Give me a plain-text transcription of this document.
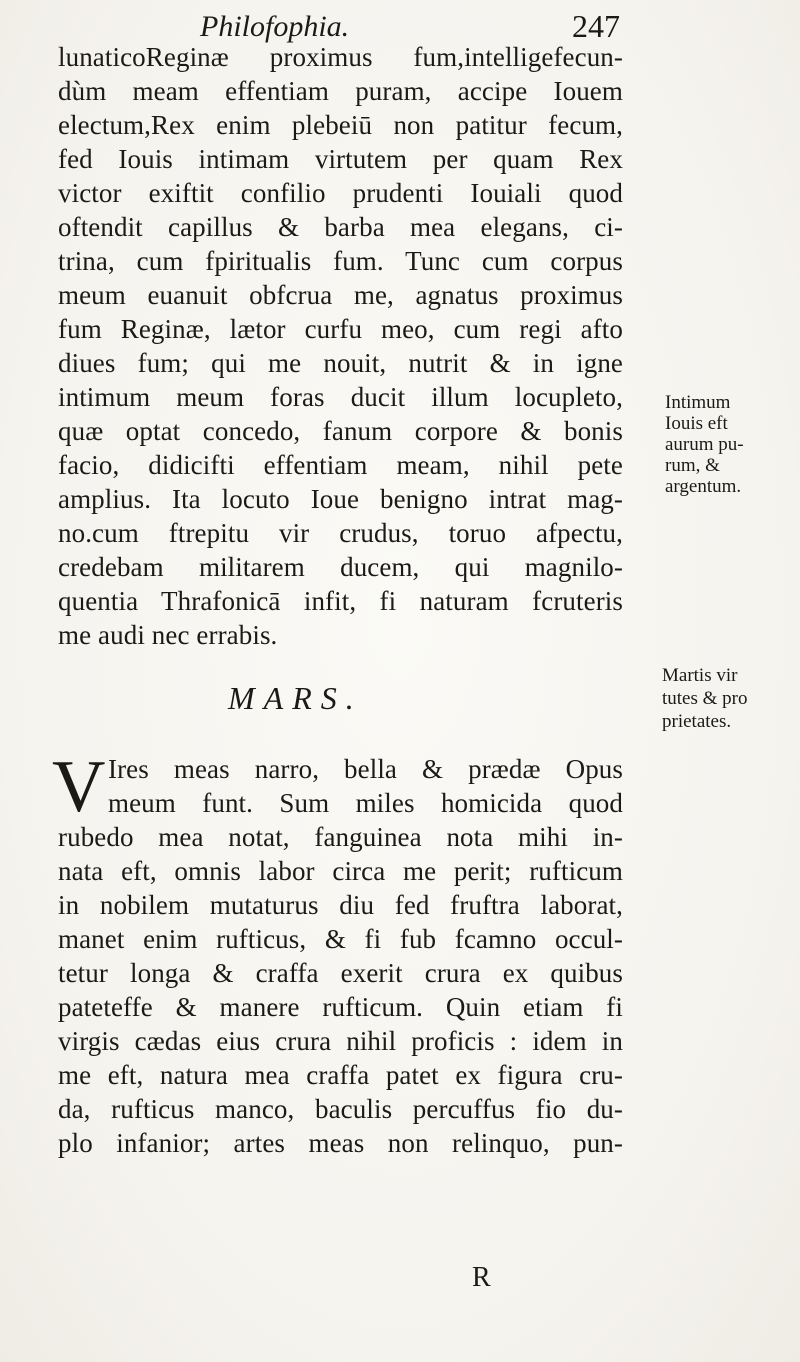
Philofophia.	247
lunaticoReginæ proximus fum,intelligefecun-
dùm meam effentiam puram, accipe Iouem
electum,Rex enim plebeiū non patitur fecum,
fed Iouis intimam virtutem per quam Rex
victor exiftit confilio prudenti Iouiali quod
oftendit capillus & barba mea elegans, ci-
trina, cum fpiritualis fum. Tunc cum corpus
meum euanuit obfcrua me, agnatus proximus
fum Reginæ, lætor curfu meo, cum regi afto
diues fum; qui me nouit, nutrit & in igne
intimum meum foras ducit illum locupleto,
quæ optat concedo, fanum corpore & bonis
facio, didicifti effentiam meam, nihil pete
amplius. Ita locuto Ioue benigno intrat mag-
no.cum ftrepitu vir crudus, toruo afpectu,
credebam militarem ducem, qui magnilo-
quentia Thrafonicā infit, fi naturam fcruteris
me audi nec errabis.
Intimum
Iouis eft
aurum pu-
rum, &
argentum.
MARS.
Martis vir
tutes & pro
prietates.
V Ires meas narro, bella & prædæ Opus
meum funt. Sum miles homicida quod
rubedo mea notat, fanguinea nota mihi in-
nata eft, omnis labor circa me perit; rufticum
in nobilem mutaturus diu fed fruftra laborat,
manet enim rufticus, & fi fub fcamno occul-
tetur longa & craffa exerit crura ex quibus
pateteffe & manere rufticum. Quin etiam fi
virgis cædas eius crura nihil proficis : idem in
me eft, natura mea craffa patet ex figura cru-
da, rufticus manco, baculis percuffus fio du-
plo infanior; artes meas non relinquo, pun-
R
